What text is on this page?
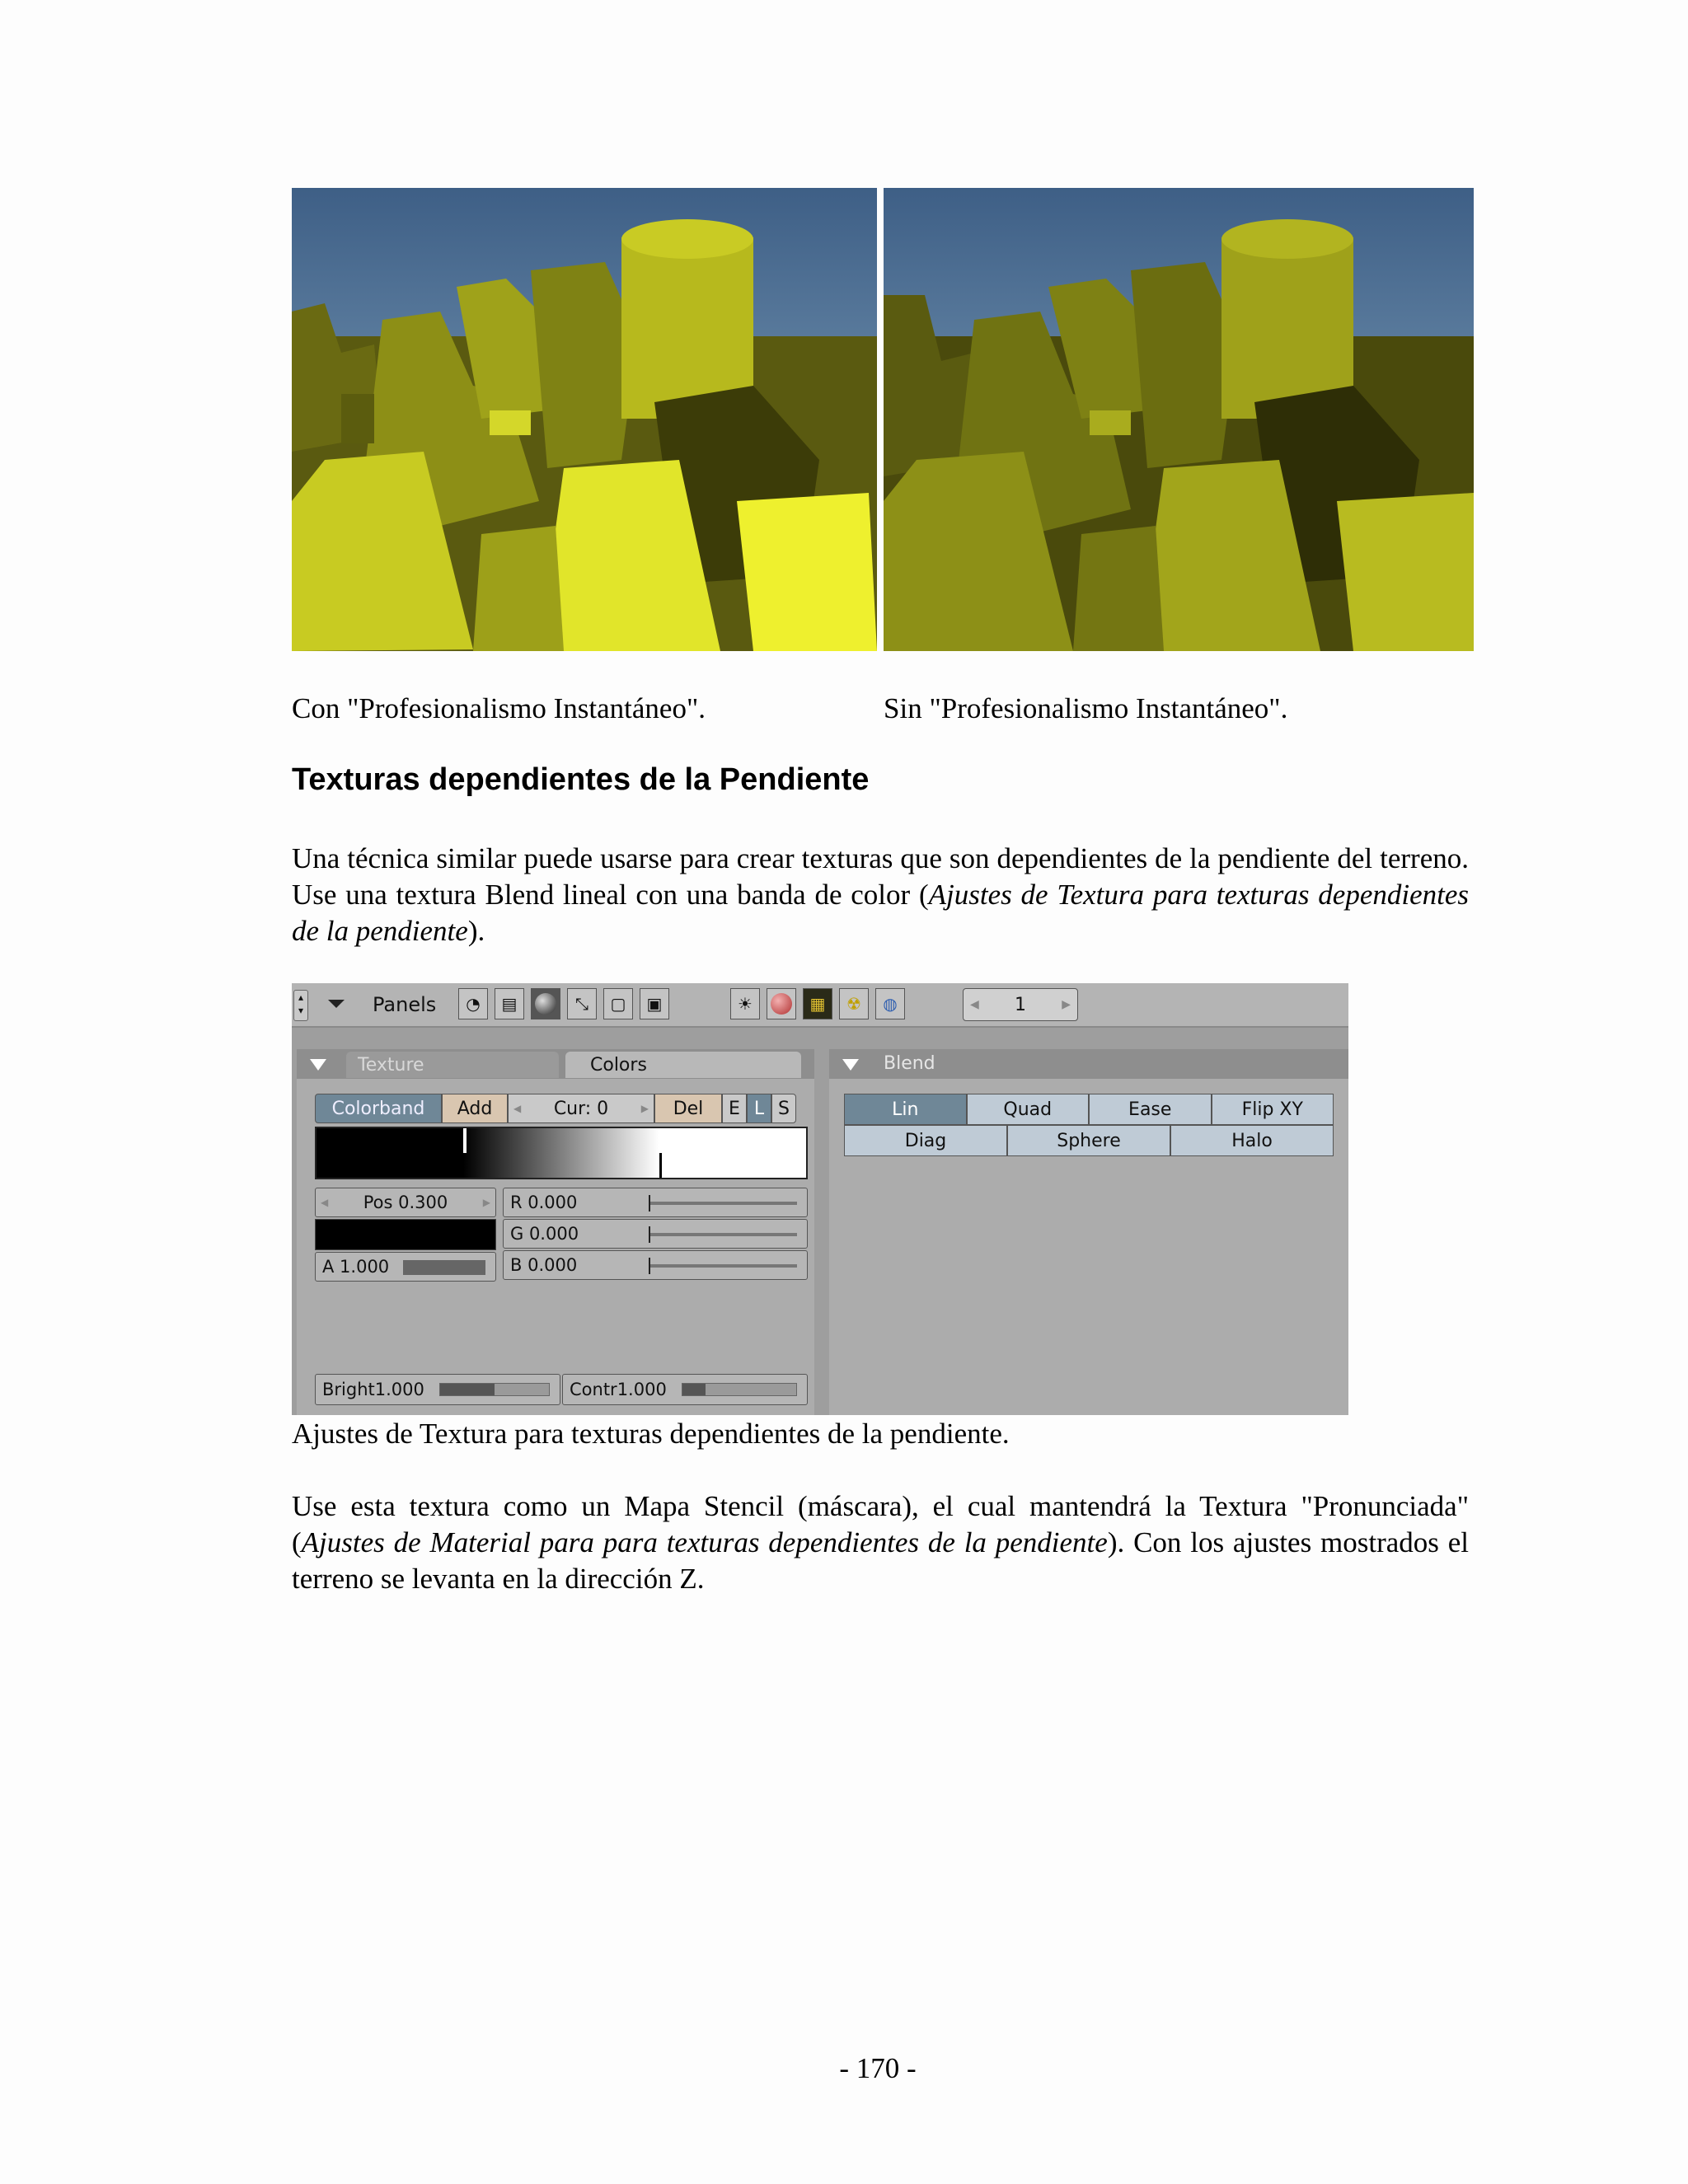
Con "Profesionalismo Instantáneo".	Sin "Profesionalismo Instantáneo".
Texturas dependientes de la Pendiente
Una técnica similar puede usarse para crear texturas que son dependientes de la pendiente del terreno. Use una textura Blend lineal con una banda de color (Ajustes de Textura para texturas dependientes de la pendiente).
▴
▾	Panels	◔	▤	⤡	▢	▣	☀	▦	☢	◍	◀ 1	▶
Texture	Colors
Colorband Add ◀ Cur: 0	▶ Del E L S
◀ Pos 0.300	▶
A 1.000
R 0.000
G 0.000
B 0.000
Bright1.000	Contr1.000
Blend
Lin	Quad	Ease	Flip XY
Diag	Sphere	Halo
Ajustes de Textura para texturas dependientes de la pendiente.
Use esta textura como un Mapa Stencil (máscara), el cual mantendrá la Textura "Pronunciada" (Ajustes de Material para para texturas dependientes de la pendiente). Con los ajustes mostrados el terreno se levanta en la dirección Z.
- 170 -
